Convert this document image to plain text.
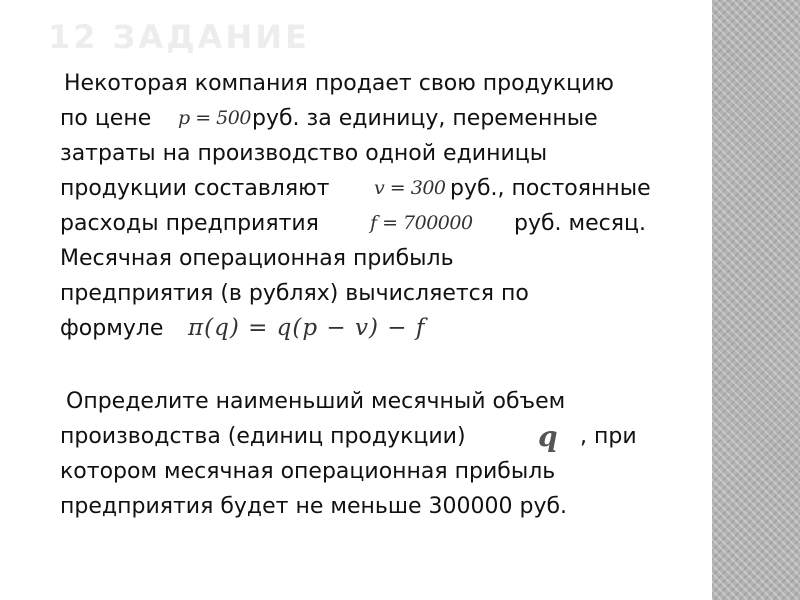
12 ЗАДАНИЕ
Некоторая компания продает свою продукцию
по цене p = 500 руб. за единицу, переменные
затраты на производство одной единицы
продукции составляют v = 300 руб., постоянные
расходы предприятия	f = 700000 руб. месяц.
Месячная операционная прибыль
предприятия (в рублях) вычисляется по
формуле π(q) = q(p − v) − f
Определите наименьший месячный объем
производства (единиц продукции)	q , при
котором месячная операционная прибыль
предприятия будет не меньше 300000 руб.
